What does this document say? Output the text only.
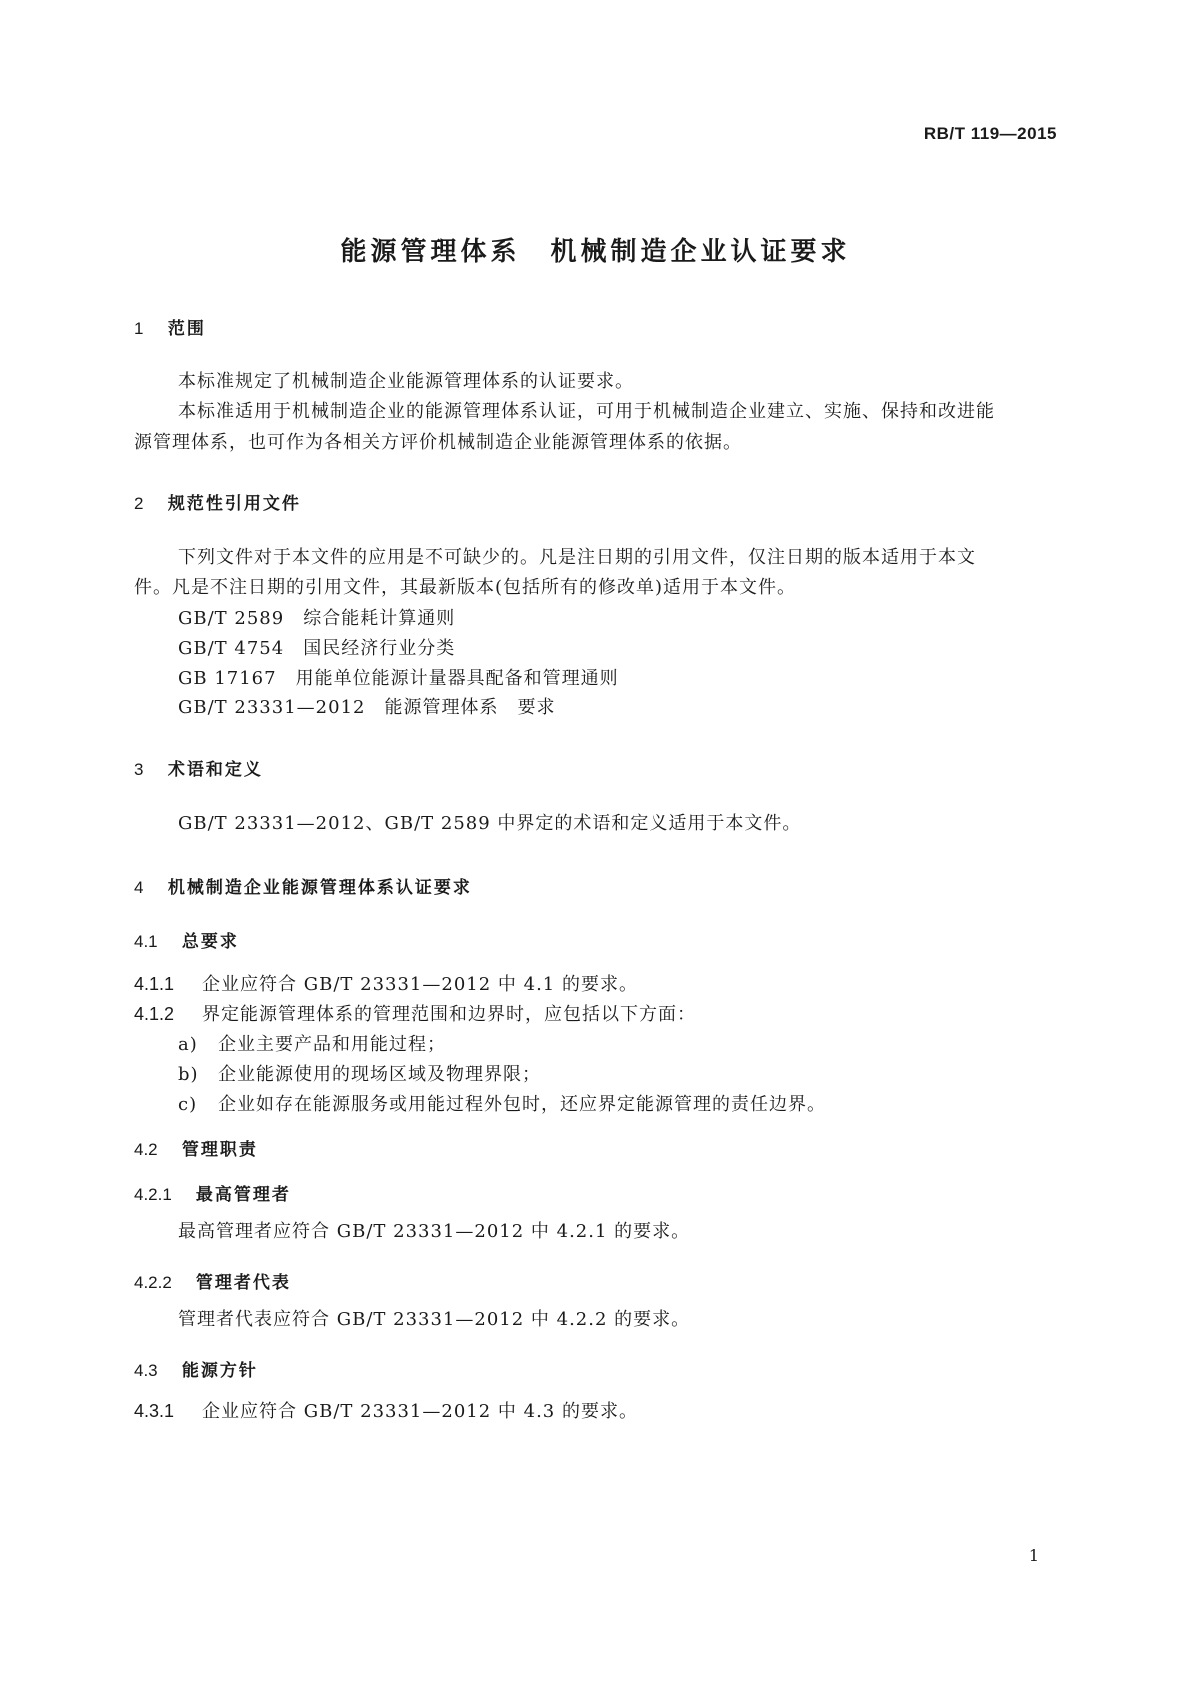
RB/T 119—2015
能源管理体系　机械制造企业认证要求
1 范围
本标准规定了机械制造企业能源管理体系的认证要求。
本标准适用于机械制造企业的能源管理体系认证，可用于机械制造企业建立、实施、保持和改进能
源管理体系，也可作为各相关方评价机械制造企业能源管理体系的依据。
2 规范性引用文件
下列文件对于本文件的应用是不可缺少的。凡是注日期的引用文件，仅注日期的版本适用于本文
件。凡是不注日期的引用文件，其最新版本(包括所有的修改单)适用于本文件。
GB/T 2589　综合能耗计算通则
GB/T 4754　国民经济行业分类
GB 17167　用能单位能源计量器具配备和管理通则
GB/T 23331—2012　能源管理体系　要求
3 术语和定义
GB/T 23331—2012、GB/T 2589 中界定的术语和定义适用于本文件。
4 机械制造企业能源管理体系认证要求
4.1 总要求
4.1.1 企业应符合 GB/T 23331—2012 中 4.1 的要求。
4.1.2 界定能源管理体系的管理范围和边界时，应包括以下方面：
a) 企业主要产品和用能过程；
b) 企业能源使用的现场区域及物理界限；
c) 企业如存在能源服务或用能过程外包时，还应界定能源管理的责任边界。
4.2 管理职责
4.2.1 最高管理者
最高管理者应符合 GB/T 23331—2012 中 4.2.1 的要求。
4.2.2 管理者代表
管理者代表应符合 GB/T 23331—2012 中 4.2.2 的要求。
4.3 能源方针
4.3.1 企业应符合 GB/T 23331—2012 中 4.3 的要求。
1
